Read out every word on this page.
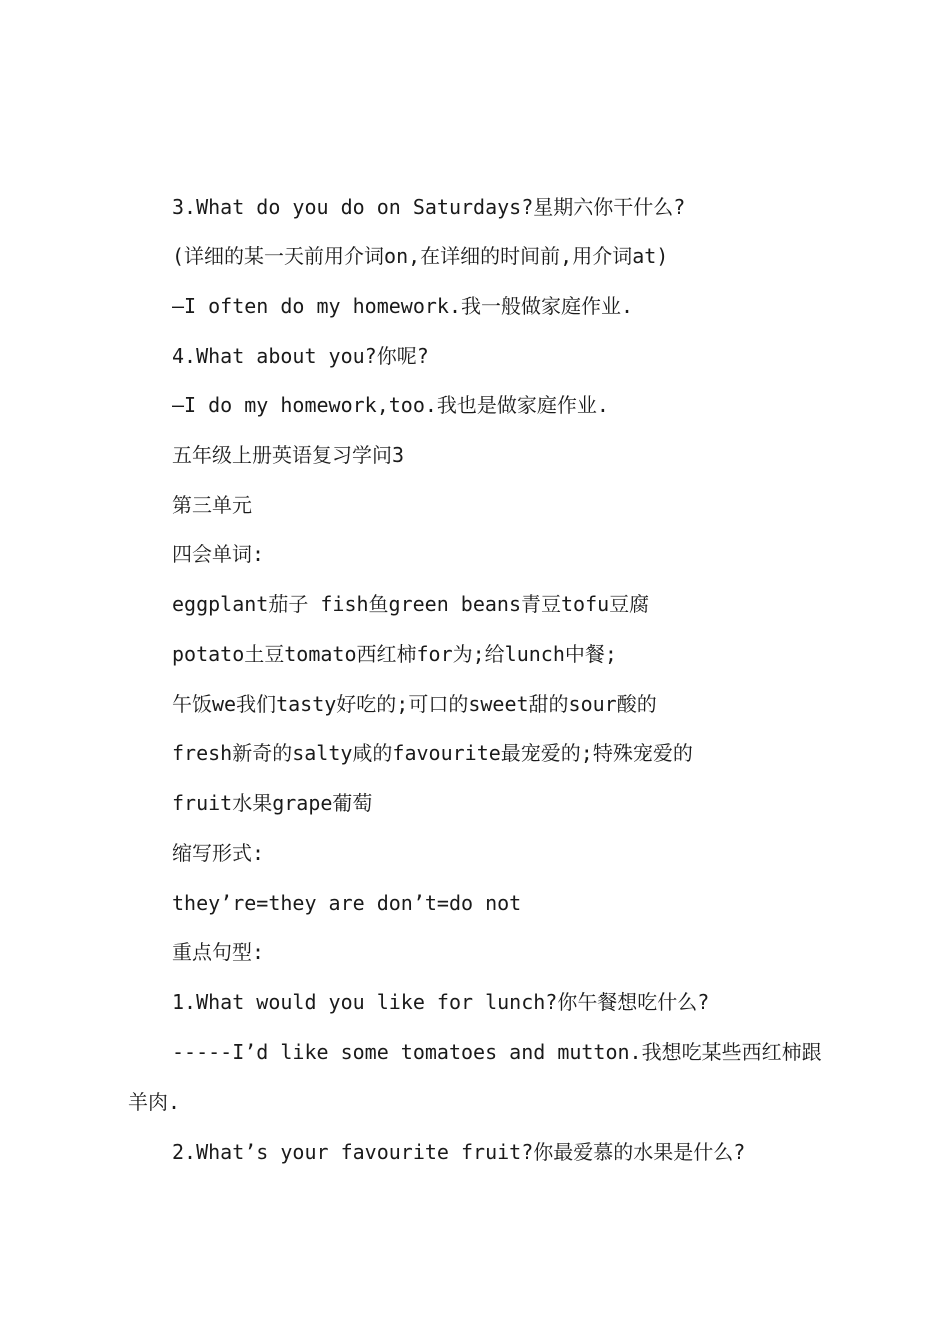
3.What do you do on Saturdays?星期六你干什么?
(详细的某一天前用介词on,在详细的时间前,用介词at)
—I often do my homework.我一般做家庭作业.
4.What about you?你呢?
—I do my homework,too.我也是做家庭作业.
五年级上册英语复习学问3
第三单元
四会单词:
eggplant茄子 fish鱼green beans青豆tofu豆腐
potato土豆tomato西红柿for为;给lunch中餐;
午饭we我们tasty好吃的;可口的sweet甜的sour酸的
fresh新奇的salty咸的favourite最宠爱的;特殊宠爱的
fruit水果grape葡萄
缩写形式:
they’re=they are don’t=do not
重点句型:
1.What would you like for lunch?你午餐想吃什么?
-----I’d like some tomatoes and mutton.我想吃某些西红柿跟
羊肉.
2.What’s your favourite fruit?你最爱慕的水果是什么?
